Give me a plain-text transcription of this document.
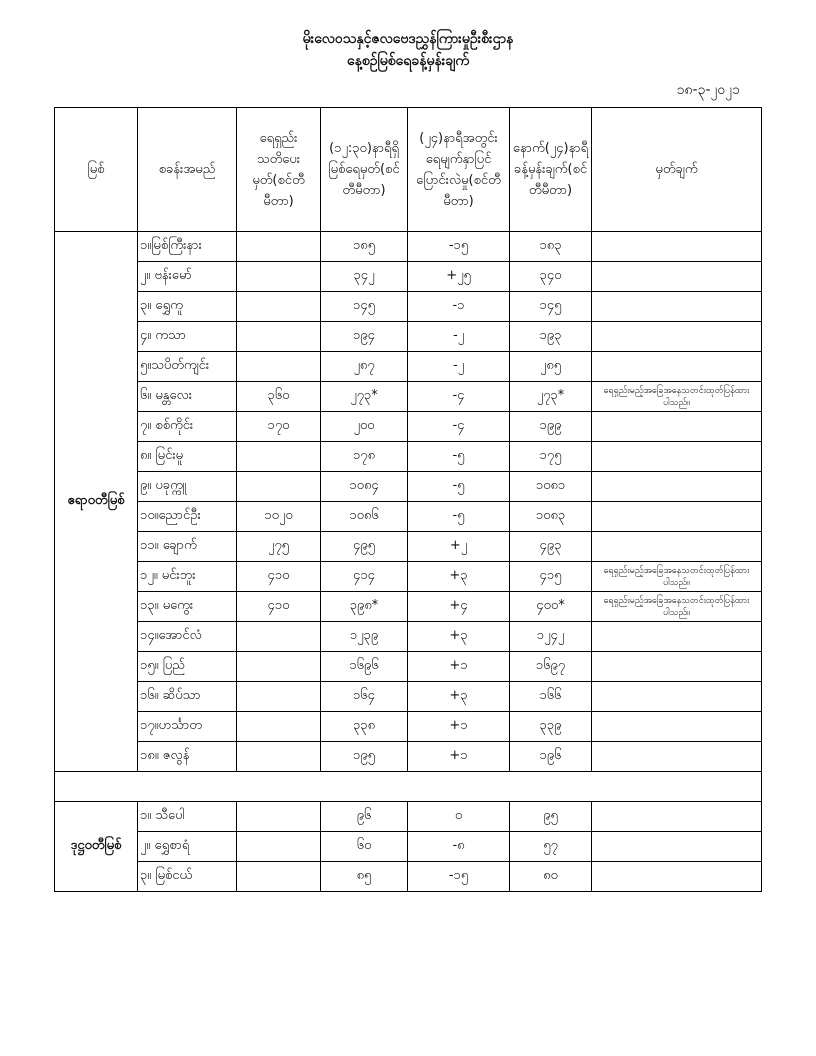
မိုးလေဝသနှင့်ဇလဗေဒညွှန်ကြားမှုဦးစီးဌာန
နေ့စဉ်မြစ်ရေခန့်မှန်းချက်
၁၈-၃-၂၀၂၁
မြစ်	စခန်းအမည်	ရေရှည်းသတိပေးမှတ်(စင်တီမီတာ)	(၁၂:၃၀)နာရီရှိမြစ်ရေမှတ်(စင်တီမီတာ)	(၂၄)နာရီအတွင်းရေမျက်နှာပြင်ပြောင်းလဲမှု(စင်တီမီတာ)	နောက်(၂၄)နာရီခန့်မှန်းချက်(စင်တီမီတာ)	မှတ်ချက်
ဧရာဝတီမြစ်	၁။မြစ်ကြီးနား		၁၈၅	-၁၅	၁၈၃	
	၂။ ဗန်းမော်		၃၄၂	+၂၅	၃၄၀	
	၃။ ရွှေကူ		၁၄၅	-၁	၁၄၅	
	၄။ ကသာ		၁၉၄	-၂	၁၉၃	
	၅။သပိတ်ကျင်း		၂၈၇	-၂	၂၈၅	
	၆။ မန္တလေး	၃၆၀	၂၇၃*	-၄	၂၇၃*	ရေရှည်းမည့်အခြေအနေသတင်းထုတ်ပြန်ထားပါသည်။
	၇။ စစ်ကိုင်း	၁၇၀	၂၀၀	-၄	၁၉၉	
	၈။ မြင်းမူ		၁၇၈	-၅	၁၇၅	
	၉။ ပခုက္ကူ		၁၀၈၄	-၅	၁၀၈၁	
	၁၀။ညောင်ဦး	၁၀၂၀	၁၀၈၆	-၅	၁၀၈၃	
	၁၁။ ချောက်	၂၇၅	၄၉၅	+၂	၄၉၃	
	၁၂။ မင်းဘူး	၄၁၀	၄၁၄	+၃	၄၁၅	ရေရှည်းမည့်အခြေအနေသတင်းထုတ်ပြန်ထားပါသည်။
	၁၃။ မကွေး	၄၁၀	၃၉၈*	+၄	၄၀၀*	ရေရှည်းမည့်အခြေအနေသတင်းထုတ်ပြန်ထားပါသည်။
	၁၄။အောင်လံ		၁၂၃၉	+၃	၁၂၄၂	
	၁၅။ ပြည်		၁၆၉၆	+၁	၁၆၉၇	
	၁၆။ ဆိပ်သာ		၁၆၄	+၃	၁၆၆	
	၁၇။ဟင်္သာတ		၃၃၈	+၁	၃၃၉	
	၁၈။ ဇလွန်		၁၉၅	+၁	၁၉၆	

ဒုဋ္ဌဝတီမြစ်	၁။ သီပေါ		၉၆	၀	၉၅	
	၂။ ရွှေစာရံ		၆၀	-၈	၅၇	
	၃။ မြစ်ငယ်		၈၅	-၁၅	၈၀	
